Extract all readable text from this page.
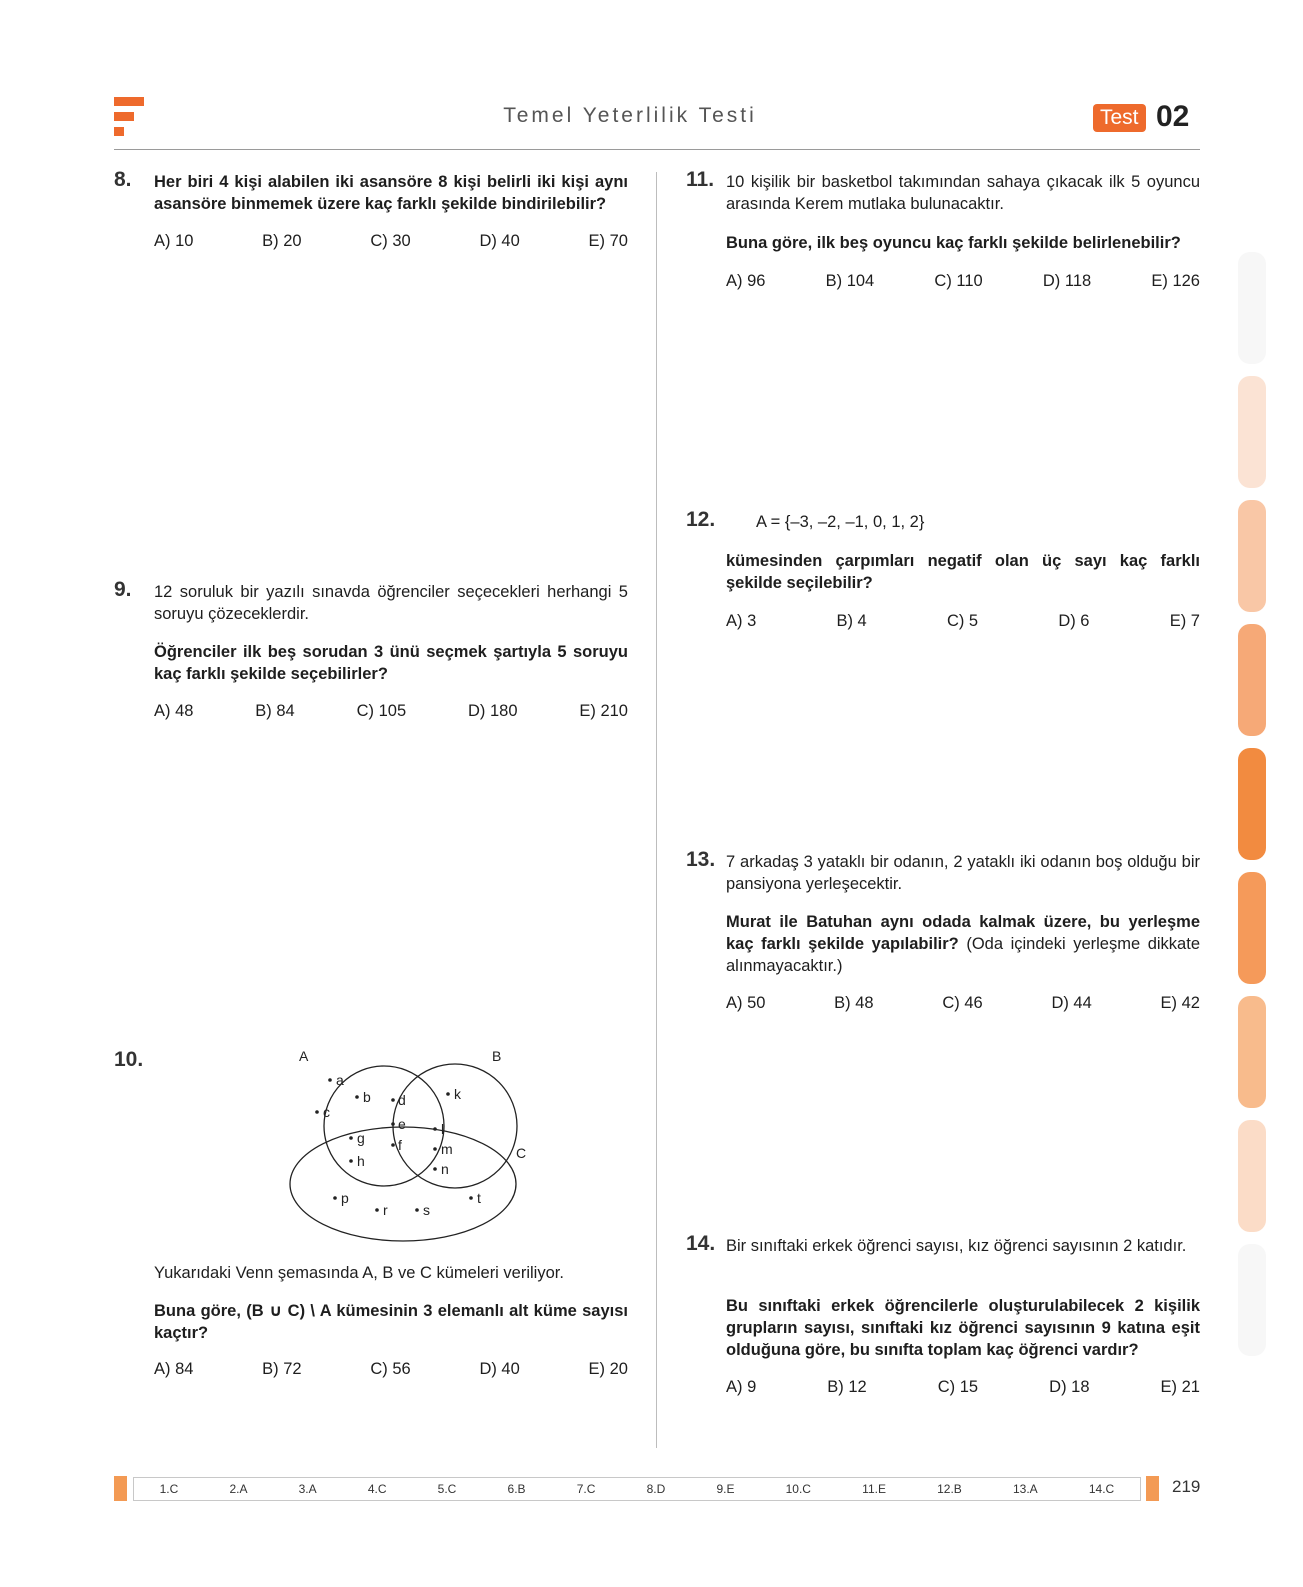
Temel Yeterlilik Testi	Test 02
8. Her biri 4 kişi alabilen iki asansöre 8 kişi belirli iki kişi aynı asansöre binmemek üzere kaç farklı şekilde bindirilebilir?
A) 10	B) 20	C) 30	D) 40	E) 70
9. 12 soruluk bir yazılı sınavda öğrenciler seçecekleri herhangi 5 soruyu çözeceklerdir.
Öğrenciler ilk beş sorudan 3 ünü seçmek şartıyla 5 soruyu kaç farklı şekilde seçebilirler?
A) 48	B) 84	C) 105	D) 180	E) 210
10.	A	B
C
a
b
c
d
e
f
g
h
k
l
m
n
p
r	s
t
Yukarıdaki Venn şemasında A, B ve C kümeleri veriliyor.
Buna göre, (B ∪ C) \ A kümesinin 3 elemanlı alt küme sayısı kaçtır?
A) 84	B) 72	C) 56	D) 40	E) 20
11. 10 kişilik bir basketbol takımından sahaya çıkacak ilk 5 oyuncu arasında Kerem mutlaka bulunacaktır.
Buna göre, ilk beş oyuncu kaç farklı şekilde belirlenebilir?
A) 96	B) 104	C) 110	D) 118	E) 126
12. A = {–3, –2, –1, 0, 1, 2}
kümesinden çarpımları negatif olan üç sayı kaç farklı şekilde seçilebilir?
A) 3	B) 4	C) 5	D) 6	E) 7
13. 7 arkadaş 3 yataklı bir odanın, 2 yataklı iki odanın boş olduğu bir pansiyona yerleşecektir.
Murat ile Batuhan aynı odada kalmak üzere, bu yerleşme kaç farklı şekilde yapılabilir? (Oda içindeki yerleşme dikkate alınmayacaktır.)
A) 50	B) 48	C) 46	D) 44	E) 42
14. Bir sınıftaki erkek öğrenci sayısı, kız öğrenci sayısının 2 katıdır.
Bu sınıftaki erkek öğrencilerle oluşturulabilecek 2 kişilik grupların sayısı, sınıftaki kız öğrenci sayısının 9 katına eşit olduğuna göre, bu sınıfta toplam kaç öğrenci vardır?
A) 9	B) 12	C) 15	D) 18	E) 21
1.C	2.A	3.A	4.C	5.C	6.B	7.C	8.D	9.E	10.C	11.E	12.B	13.A	14.C	219
